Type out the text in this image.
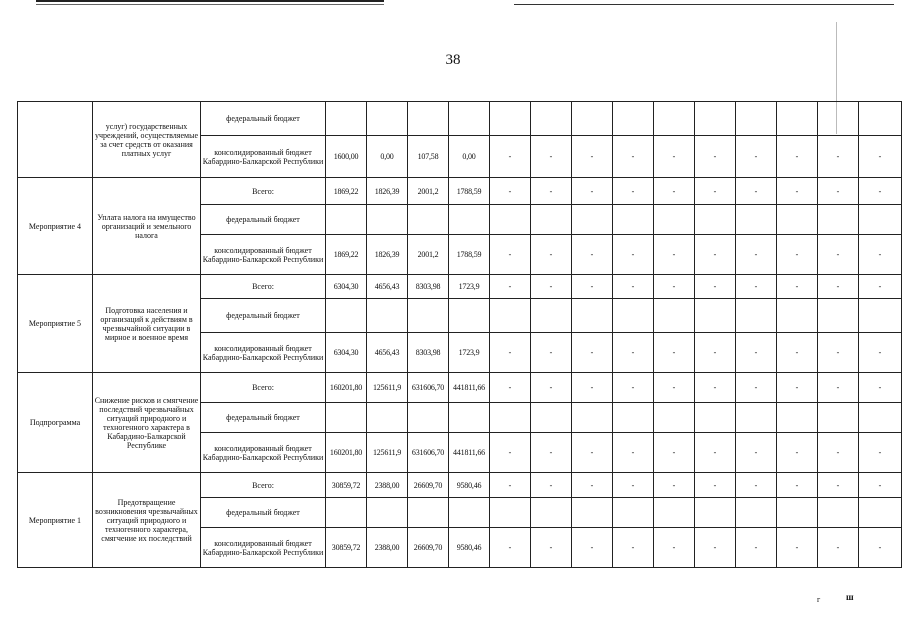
38
	услуг) государственных учреждений, осуществляемые за счет средств от оказания платных услуг	федеральный бюджет														
		консолидированный бюджет Кабардино-Балкарской Республики	1600,00	0,00	107,58	0,00	-	-	-	-	-	-	-	-	-	-
Мероприятие 4	Уплата налога на имущество организаций и земельного налога	Всего:	1869,22	1826,39	2001,2	1788,59	-	-	-	-	-	-	-	-	-	-
		федеральный бюджет														
		консолидированный бюджет Кабардино-Балкарской Республики	1869,22	1826,39	2001,2	1788,59	-	-	-	-	-	-	-	-	-	-
Мероприятие 5	Подготовка населения и организаций к действиям в чрезвычайной ситуации в мирное и военное время	Всего:	6304,30	4656,43	8303,98	1723,9	-	-	-	-	-	-	-	-	-	-
		федеральный бюджет														
		консолидированный бюджет Кабардино-Балкарской Республики	6304,30	4656,43	8303,98	1723,9	-	-	-	-	-	-	-	-	-	-
Подпрограмма	Снижение рисков и смягчение последствий чрезвычайных ситуаций природного и техногенного характера в Кабардино-Балкарской Республике	Всего:	160201,80	125611,9	631606,70	441811,66	-	-	-	-	-	-	-	-	-	-
		федеральный бюджет														
		консолидированный бюджет Кабардино-Балкарской Республики	160201,80	125611,9	631606,70	441811,66	-	-	-	-	-	-	-	-	-	-
Мероприятие 1	Предотвращение возникновения чрезвычайных ситуаций природного и техногенного характера, смягчение их последствий	Всего:	30859,72	2388,00	26609,70	9580,46	-	-	-	-	-	-	-	-	-	-
		федеральный бюджет														
		консолидированный бюджет Кабардино-Балкарской Республики	30859,72	2388,00	26609,70	9580,46	-	-	-	-	-	-	-	-	-	-
г	ш
